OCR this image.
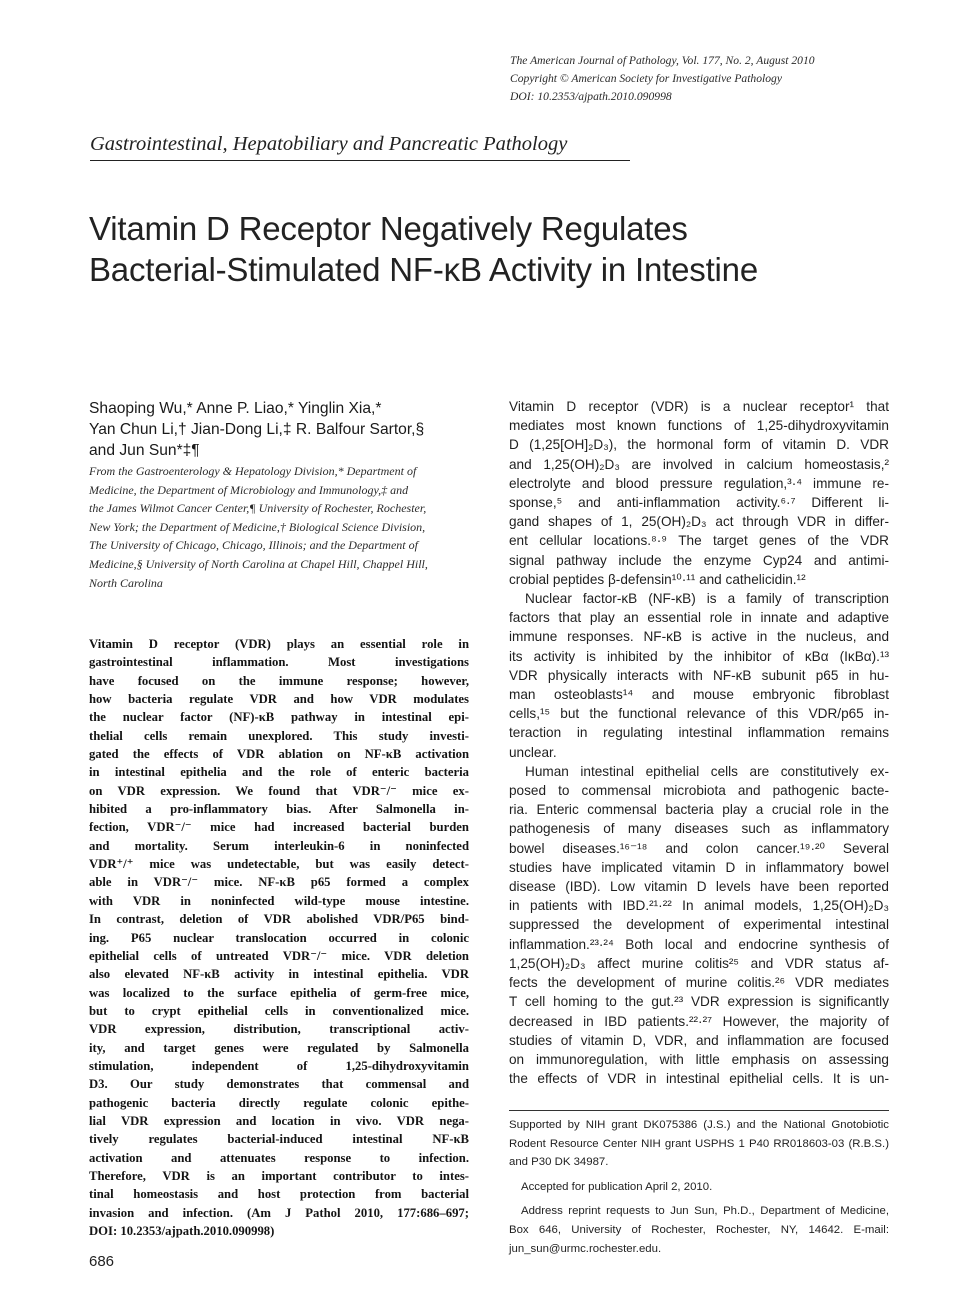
The American Journal of Pathology, Vol. 177, No. 2, August 2010
Copyright © American Society for Investigative Pathology
DOI: 10.2353/ajpath.2010.090998
Gastrointestinal, Hepatobiliary and Pancreatic Pathology
Vitamin D Receptor Negatively Regulates
Bacterial-Stimulated NF-κB Activity in Intestine
Shaoping Wu,* Anne P. Liao,* Yinglin Xia,*
Yan Chun Li,† Jian-Dong Li,‡ R. Balfour Sartor,§
and Jun Sun*‡¶
From the Gastroenterology & Hepatology Division,* Department of
Medicine, the Department of Microbiology and Immunology,‡ and
the James Wilmot Cancer Center,¶ University of Rochester, Rochester,
New York; the Department of Medicine,† Biological Science Division,
The University of Chicago, Chicago, Illinois; and the Department of
Medicine,§ University of North Carolina at Chapel Hill, Chappel Hill,
North Carolina
Vitamin D receptor (VDR) plays an essential role in
gastrointestinal inflammation. Most investigations
have focused on the immune response; however,
how bacteria regulate VDR and how VDR modulates
the nuclear factor (NF)-κB pathway in intestinal epi-
thelial cells remain unexplored. This study investi-
gated the effects of VDR ablation on NF-κB activation
in intestinal epithelia and the role of enteric bacteria
on VDR expression. We found that VDR⁻/⁻ mice ex-
hibited a pro-inflammatory bias. After Salmonella in-
fection, VDR⁻/⁻ mice had increased bacterial burden
and mortality. Serum interleukin-6 in noninfected
VDR⁺/⁺ mice was undetectable, but was easily detect-
able in VDR⁻/⁻ mice. NF-κB p65 formed a complex
with VDR in noninfected wild-type mouse intestine.
In contrast, deletion of VDR abolished VDR/P65 bind-
ing. P65 nuclear translocation occurred in colonic
epithelial cells of untreated VDR⁻/⁻ mice. VDR deletion
also elevated NF-κB activity in intestinal epithelia. VDR
was localized to the surface epithelia of germ-free mice,
but to crypt epithelial cells in conventionalized mice.
VDR expression, distribution, transcriptional activ-
ity, and target genes were regulated by Salmonella
stimulation, independent of 1,25-dihydroxyvitamin
D3. Our study demonstrates that commensal and
pathogenic bacteria directly regulate colonic epithe-
lial VDR expression and location in vivo. VDR nega-
tively regulates bacterial-induced intestinal NF-κB
activation and attenuates response to infection.
Therefore, VDR is an important contributor to intes-
tinal homeostasis and host protection from bacterial
invasion and infection. (Am J Pathol 2010, 177:686–697;
DOI: 10.2353/ajpath.2010.090998)
686
Vitamin D receptor (VDR) is a nuclear receptor¹ that
mediates most known functions of 1,25-dihydroxyvitamin
D (1,25[OH]₂D₃), the hormonal form of vitamin D. VDR
and 1,25(OH)₂D₃ are involved in calcium homeostasis,²
electrolyte and blood pressure regulation,³·⁴ immune re-
sponse,⁵ and anti-inflammation activity.⁶·⁷ Different li-
gand shapes of 1, 25(OH)₂D₃ act through VDR in differ-
ent cellular locations.⁸·⁹ The target genes of the VDR
signal pathway include the enzyme Cyp24 and antimi-
crobial peptides β-defensin¹⁰·¹¹ and cathelicidin.¹²
Nuclear factor-κB (NF-κB) is a family of transcription
factors that play an essential role in innate and adaptive
immune responses. NF-κB is active in the nucleus, and
its activity is inhibited by the inhibitor of κBα (IκBα).¹³
VDR physically interacts with NF-κB subunit p65 in hu-
man osteoblasts¹⁴ and mouse embryonic fibroblast
cells,¹⁵ but the functional relevance of this VDR/p65 in-
teraction in regulating intestinal inflammation remains
unclear.
Human intestinal epithelial cells are constitutively ex-
posed to commensal microbiota and pathogenic bacte-
ria. Enteric commensal bacteria play a crucial role in the
pathogenesis of many diseases such as inflammatory
bowel diseases.¹⁶⁻¹⁸ and colon cancer.¹⁹·²⁰ Several
studies have implicated vitamin D in inflammatory bowel
disease (IBD). Low vitamin D levels have been reported
in patients with IBD.²¹·²² In animal models, 1,25(OH)₂D₃
suppressed the development of experimental intestinal
inflammation.²³·²⁴ Both local and endocrine synthesis of
1,25(OH)₂D₃ affect murine colitis²⁵ and VDR status af-
fects the development of murine colitis.²⁶ VDR mediates
T cell homing to the gut.²³ VDR expression is significantly
decreased in IBD patients.²²·²⁷ However, the majority of
studies of vitamin D, VDR, and inflammation are focused
on immunoregulation, with little emphasis on assessing
the effects of VDR in intestinal epithelial cells. It is un-
Supported by NIH grant DK075386 (J.S.) and the National Gnotobiotic
Rodent Resource Center NIH grant USPHS 1 P40 RR018603-03 (R.B.S.)
and P30 DK 34987.
Accepted for publication April 2, 2010.
Address reprint requests to Jun Sun, Ph.D., Department of Medicine,
Box 646, University of Rochester, Rochester, NY, 14642. E-mail:
jun_sun@urmc.rochester.edu.
